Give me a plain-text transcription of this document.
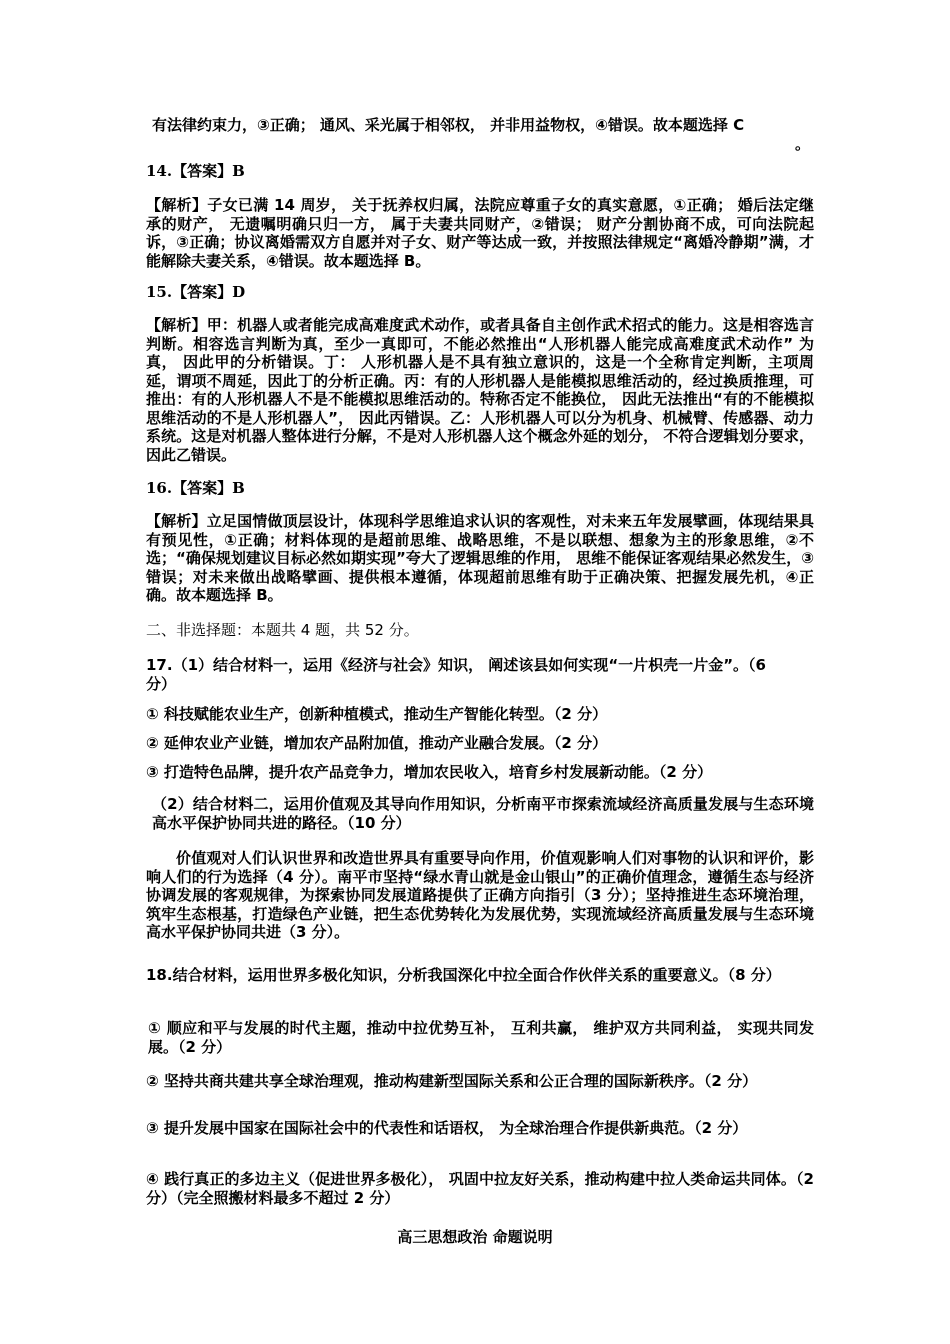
有法律约束力，③正确； 通风、采光属于相邻权， 并非用益物权，④错误。故本题选择 C

。

14.【答案】B

【解析】子女已满 14 周岁， 关于抚养权归属，法院应尊重子女的真实意愿，①正确； 婚后法定继承的财产， 无遗嘱明确只归一方， 属于夫妻共同财产，②错误； 财产分割协商不成，可向法院起诉，③正确；协议离婚需双方自愿并对子女、财产等达成一致，并按照法律规定“离婚冷静期”满，才能解除夫妻关系，④错误。故本题选择 B。

15.【答案】D

【解析】甲：机器人或者能完成高难度武术动作，或者具备自主创作武术招式的能力。这是相容选言判断。相容选言判断为真，至少一真即可，不能必然推出“人形机器人能完成高难度武术动作” 为真， 因此甲的分析错误。丁： 人形机器人是不具有独立意识的，这是一个全称肯定判断，主项周延，谓项不周延，因此丁的分析正确。丙：有的人形机器人是能模拟思维活动的，经过换质推理，可推出：有的人形机器人不是不能模拟思维活动的。特称否定不能换位， 因此无法推出“有的不能模拟思维活动的不是人形机器人”， 因此丙错误。乙：人形机器人可以分为机身、机械臂、传感器、动力系统。这是对机器人整体进行分解，不是对人形机器人这个概念外延的划分， 不符合逻辑划分要求， 因此乙错误。

16.【答案】B

【解析】立足国情做顶层设计，体现科学思维追求认识的客观性，对未来五年发展擘画，体现结果具有预见性，①正确；材料体现的是超前思维、战略思维，不是以联想、想象为主的形象思维，②不选；“确保规划建议目标必然如期实现”夸大了逻辑思维的作用， 思维不能保证客观结果必然发生，③错误；对未来做出战略擘画、提供根本遵循，体现超前思维有助于正确决策、把握发展先机，④正确。故本题选择 B。

二、非选择题：本题共 4 题，共 52 分。

17.（1）结合材料一，运用《经济与社会》知识， 阐述该县如何实现“一片枳壳一片金”。（6 分）

① 科技赋能农业生产，创新种植模式，推动生产智能化转型。（2 分）

② 延伸农业产业链，增加农产品附加值，推动产业融合发展。（2 分）

③ 打造特色品牌，提升农产品竞争力，增加农民收入，培育乡村发展新动能。（2 分）

（2）结合材料二，运用价值观及其导向作用知识，分析南平市探索流域经济高质量发展与生态环境高水平保护协同共进的路径。（10 分）

价值观对人们认识世界和改造世界具有重要导向作用，价值观影响人们对事物的认识和评价，影响人们的行为选择（4 分）。南平市坚持“绿水青山就是金山银山”的正确价值理念，遵循生态与经济协调发展的客观规律，为探索协同发展道路提供了正确方向指引（3 分）；坚持推进生态环境治理，筑牢生态根基，打造绿色产业链，把生态优势转化为发展优势，实现流域经济高质量发展与生态环境高水平保护协同共进（3 分）。

18.结合材料，运用世界多极化知识，分析我国深化中拉全面合作伙伴关系的重要意义。（8 分）

① 顺应和平与发展的时代主题，推动中拉优势互补， 互利共赢， 维护双方共同利益， 实现共同发展。（2 分）

② 坚持共商共建共享全球治理观，推动构建新型国际关系和公正合理的国际新秩序。（2 分）

③ 提升发展中国家在国际社会中的代表性和话语权， 为全球治理合作提供新典范。（2 分）

④ 践行真正的多边主义（促进世界多极化）， 巩固中拉友好关系，推动构建中拉人类命运共同体。（2 分）（完全照搬材料最多不超过 2 分）

高三思想政治 命题说明
